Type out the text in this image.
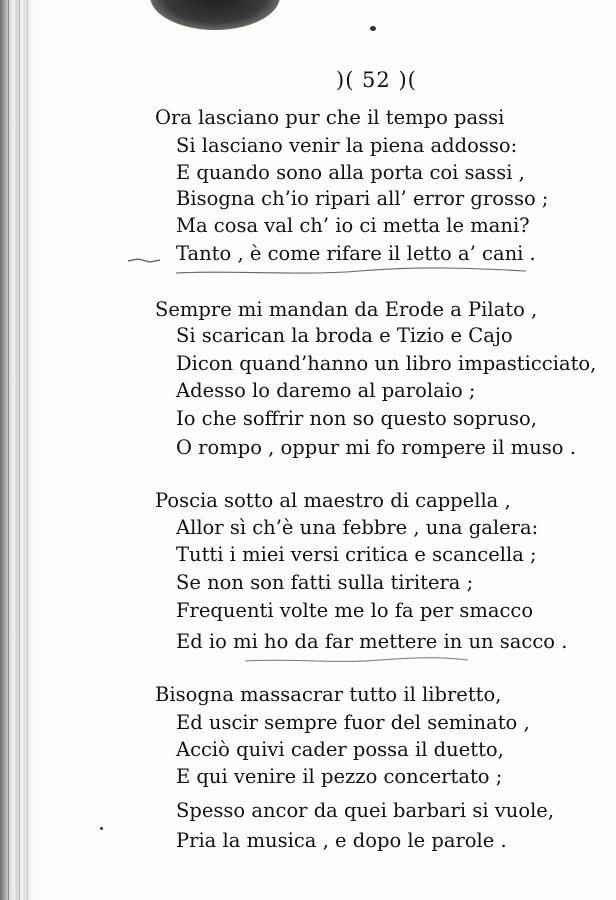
)( 52 )(
Ora lasciano pur che il tempo passi
Si lasciano venir la piena addosso:
E quando sono alla porta coi sassi ,
Bisogna ch’io ripari all’ error grosso ;
Ma cosa val ch’ io ci metta le mani?
Tanto , è come rifare il letto a’ cani .
Sempre mi mandan da Erode a Pilato ,
Si scarican la broda e Tizio e Cajo
Dicon quand’hanno un libro impasticciato,
Adesso lo daremo al parolaio ;
Io che soffrir non so questo sopruso,
O rompo , oppur mi fo rompere il muso .
Poscia sotto al maestro di cappella ,
Allor sì ch’è una febbre , una galera:
Tutti i miei versi critica e scancella ;
Se non son fatti sulla tiritera ;
Frequenti volte me lo fa per smacco
Ed io mi ho da far mettere in un sacco .
Bisogna massacrar tutto il libretto,
Ed uscir sempre fuor del seminato ,
Acciò quivi cader possa il duetto,
E qui venire il pezzo concertato ;
Spesso ancor da quei barbari si vuole,
Pria la musica , e dopo le parole .
